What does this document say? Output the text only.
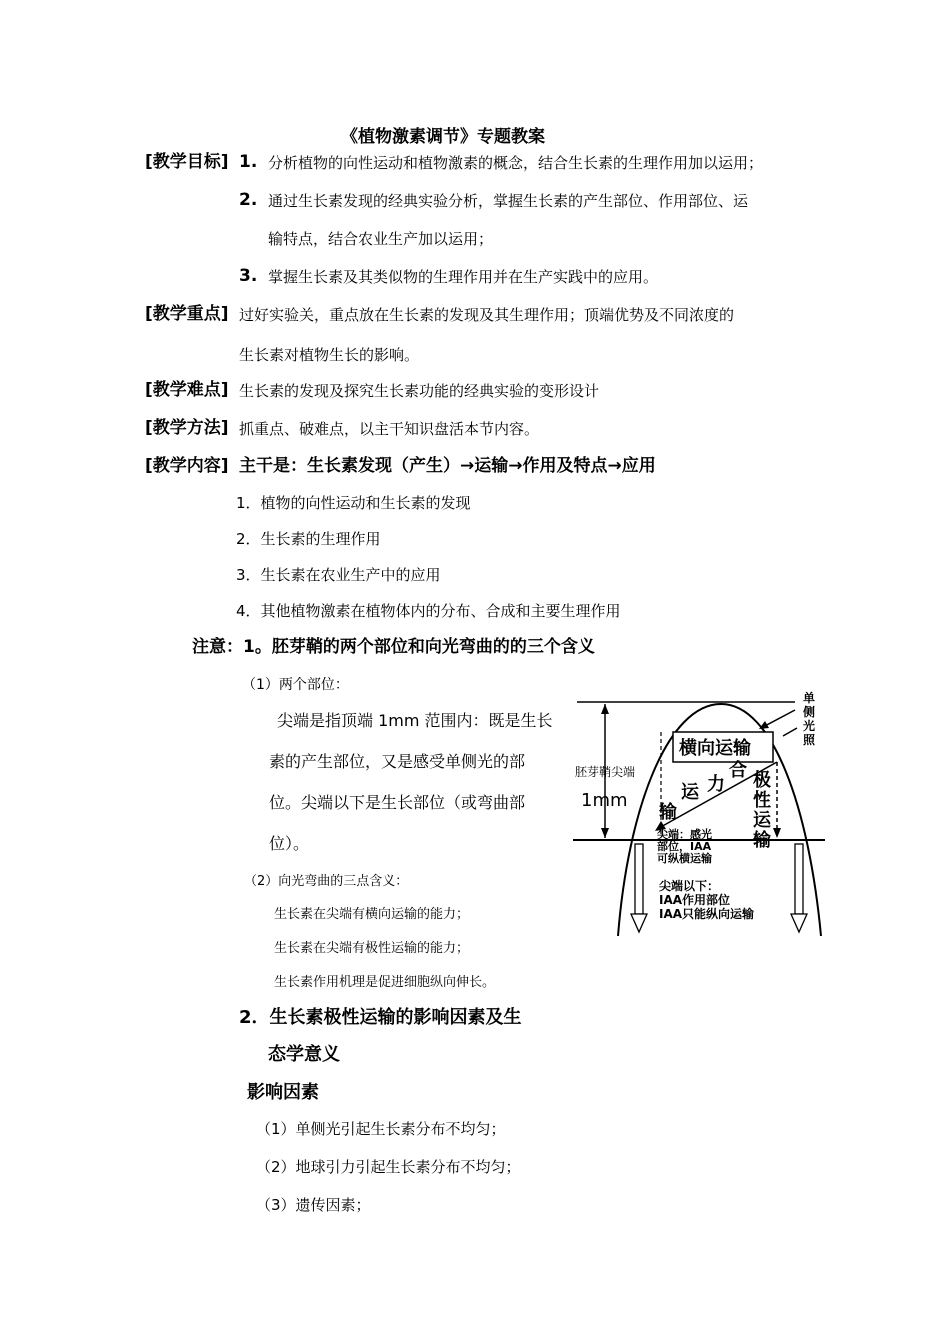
《植物激素调节》专题教案
[教学目标] 1. 分析植物的向性运动和植物激素的概念，结合生长素的生理作用加以运用；
2. 通过生长素发现的经典实验分析，掌握生长素的产生部位、作用部位、运
输特点，结合农业生产加以运用；
3. 掌握生长素及其类似物的生理作用并在生产实践中的应用。
[教学重点] 过好实验关，重点放在生长素的发现及其生理作用；顶端优势及不同浓度的
生长素对植物生长的影响。
[教学难点] 生长素的发现及探究生长素功能的经典实验的变形设计
[教学方法] 抓重点、破难点，以主干知识盘活本节内容。
[教学内容] 主干是：生长素发现（产生）→运输→作用及特点→应用
1．植物的向性运动和生长素的发现
2．生长素的生理作用
3．生长素在农业生产中的应用
4．其他植物激素在植物体内的分布、合成和主要生理作用
注意：1。胚芽鞘的两个部位和向光弯曲的的三个含义
（1）两个部位：
尖端是指顶端 1mm 范围内：既是生长
素的产生部位，又是感受单侧光的部
位。尖端以下是生长部位（或弯曲部
位）。
（2）向光弯曲的三点含义：
生长素在尖端有横向运输的能力；
生长素在尖端有极性运输的能力；
生长素作用机理是促进细胞纵向伸长。
2．生长素极性运输的影响因素及生
态学意义
影响因素
（1）单侧光引起生长素分布不均匀；
（2）地球引力引起生长素分布不均匀；
（3）遗传因素；
单
侧
光
照
横向运输
合
运 力
输
极
性
运
输
胚芽鞘尖端
1mm
尖端：感光
部位，IAA
可纵横运输
尖端以下：
IAA作用部位
IAA只能纵向运输
